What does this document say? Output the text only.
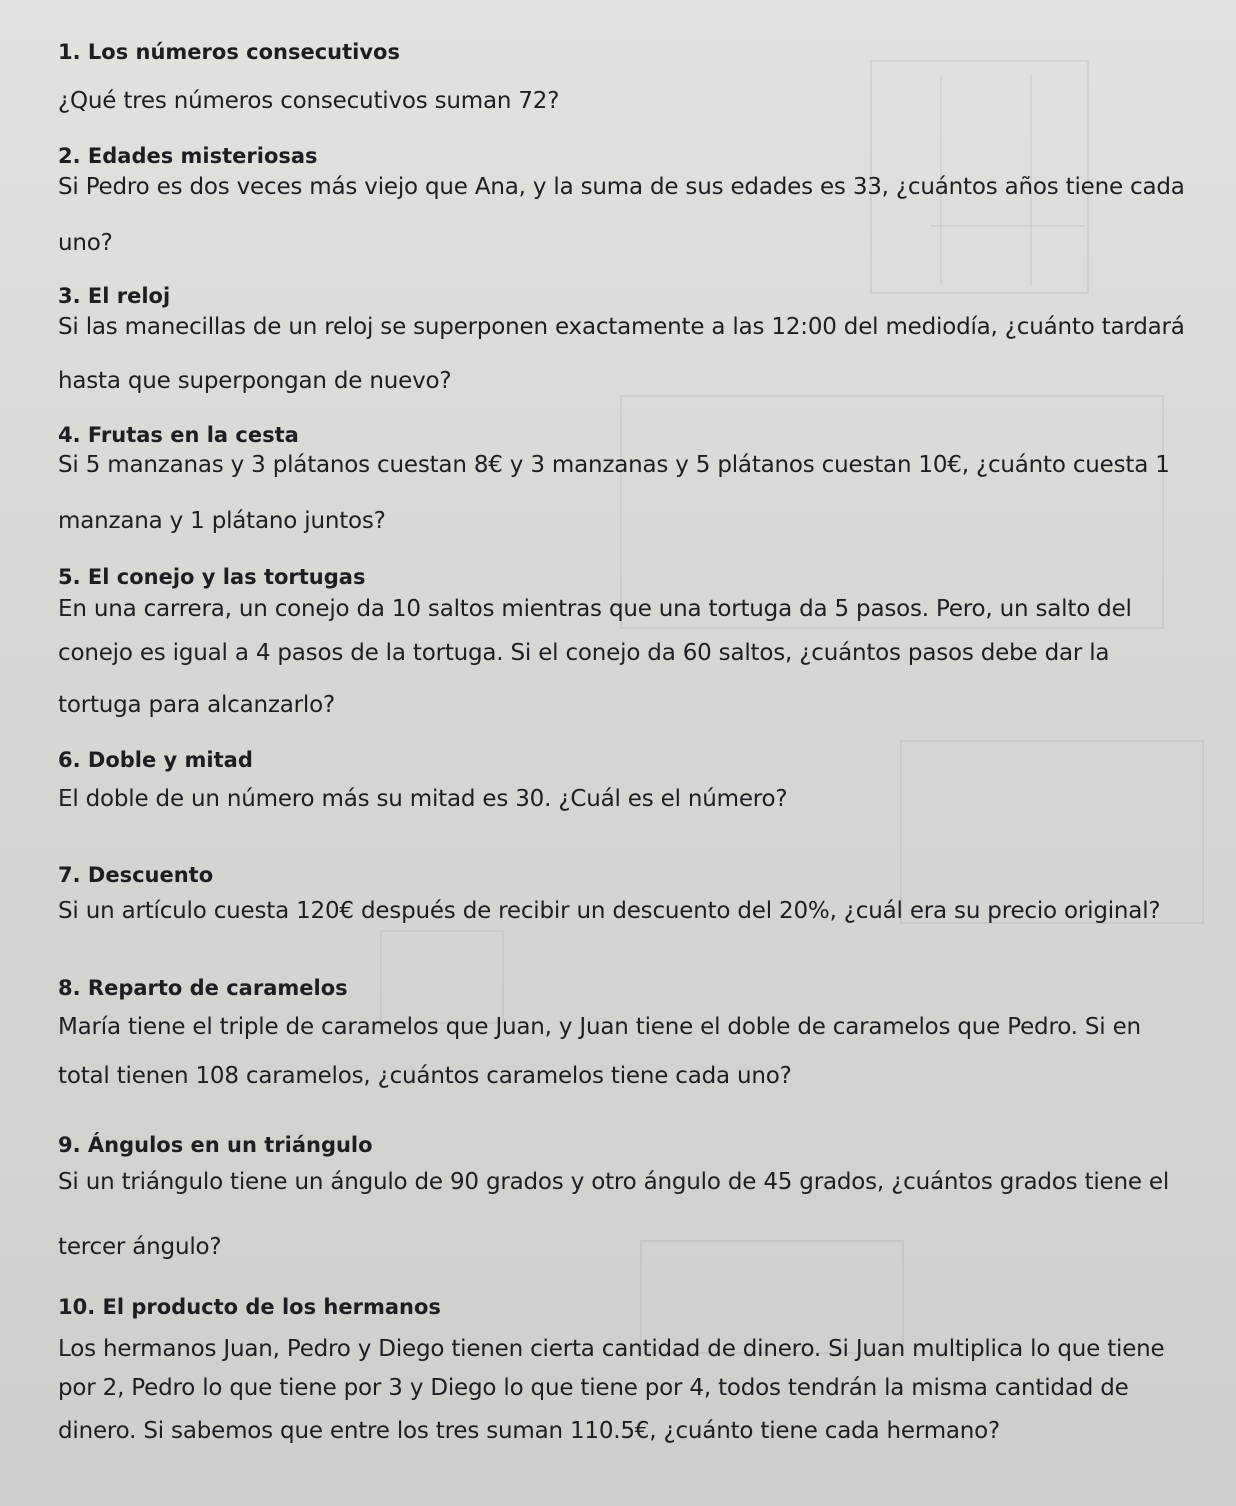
1. Los números consecutivos
¿Qué tres números consecutivos suman 72?
2. Edades misteriosas
Si Pedro es dos veces más viejo que Ana, y la suma de sus edades es 33, ¿cuántos años tiene cada
uno?
3. El reloj
Si las manecillas de un reloj se superponen exactamente a las 12:00 del mediodía, ¿cuánto tardará
hasta que superpongan de nuevo?
4. Frutas en la cesta
Si 5 manzanas y 3 plátanos cuestan 8€ y 3 manzanas y 5 plátanos cuestan 10€, ¿cuánto cuesta 1
manzana y 1 plátano juntos?
5. El conejo y las tortugas
En una carrera, un conejo da 10 saltos mientras que una tortuga da 5 pasos. Pero, un salto del
conejo es igual a 4 pasos de la tortuga. Si el conejo da 60 saltos, ¿cuántos pasos debe dar la
tortuga para alcanzarlo?
6. Doble y mitad
El doble de un número más su mitad es 30. ¿Cuál es el número?
7. Descuento
Si un artículo cuesta 120€ después de recibir un descuento del 20%, ¿cuál era su precio original?
8. Reparto de caramelos
María tiene el triple de caramelos que Juan, y Juan tiene el doble de caramelos que Pedro. Si en
total tienen 108 caramelos, ¿cuántos caramelos tiene cada uno?
9. Ángulos en un triángulo
Si un triángulo tiene un ángulo de 90 grados y otro ángulo de 45 grados, ¿cuántos grados tiene el
tercer ángulo?
10. El producto de los hermanos
Los hermanos Juan, Pedro y Diego tienen cierta cantidad de dinero. Si Juan multiplica lo que tiene
por 2, Pedro lo que tiene por 3 y Diego lo que tiene por 4, todos tendrán la misma cantidad de
dinero. Si sabemos que entre los tres suman 110.5€, ¿cuánto tiene cada hermano?
